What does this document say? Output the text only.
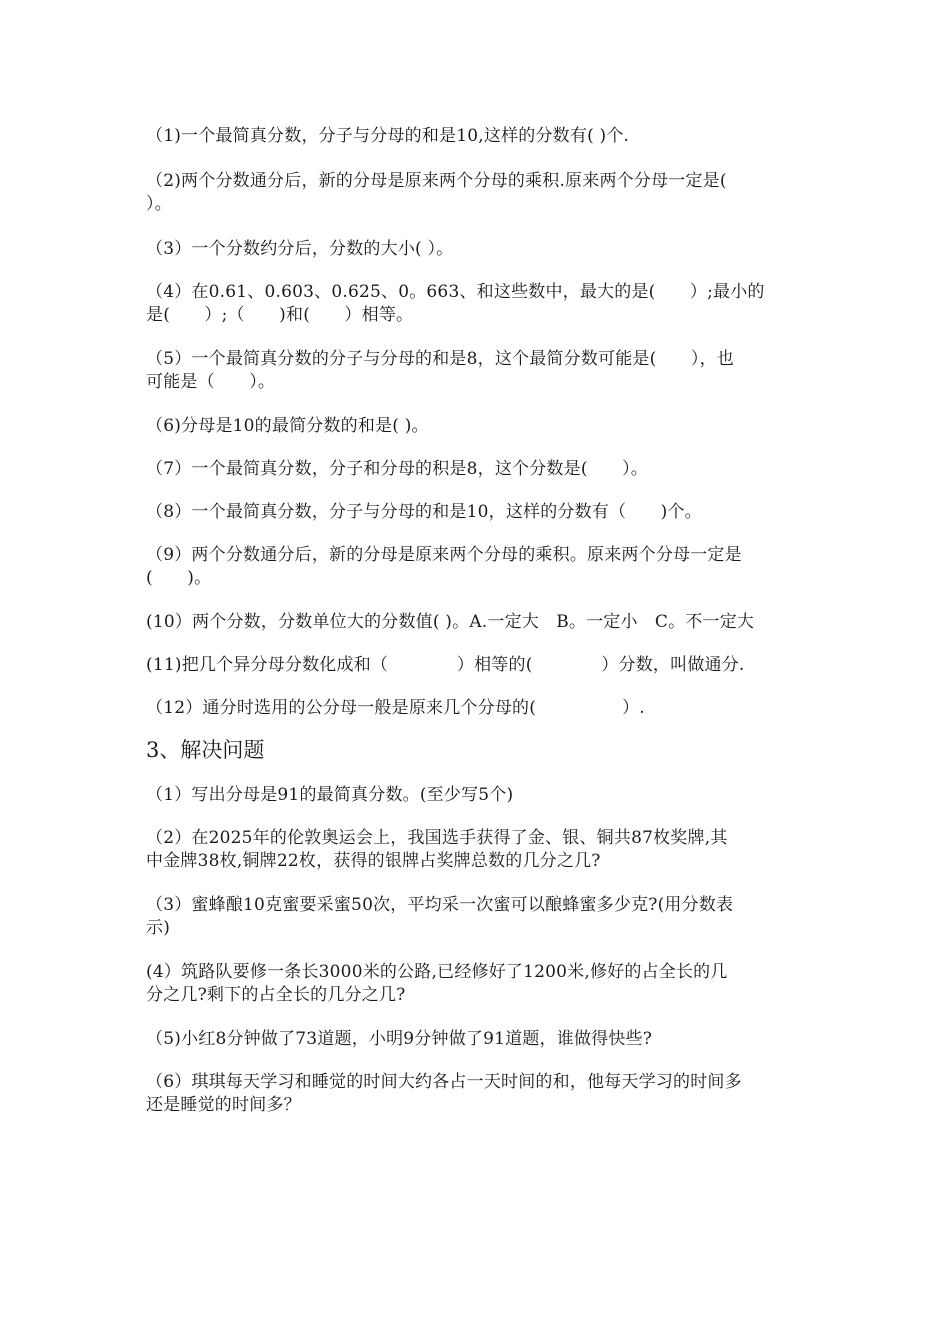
（1)一个最简真分数，分子与分母的和是10,这样的分数有( )个.
（2)两个分数通分后，新的分母是原来两个分母的乘积.原来两个分母一定是(
）。
（3）一个分数约分后，分数的大小( ）。
（4）在0.61、0.603、0.625、0。663、和这些数中，最大的是(　　）;最小的
是(　　）;（　　)和(　　）相等。
（5）一个最简真分数的分子与分母的和是8，这个最简分数可能是(　　），也
可能是（　　）。
（6)分母是10的最简分数的和是( )。
（7）一个最简真分数，分子和分母的积是8，这个分数是(　　）。
（8）一个最简真分数，分子与分母的和是10，这样的分数有（　　)个。
（9）两个分数通分后，新的分母是原来两个分母的乘积。原来两个分母一定是
(　　)。
(10）两个分数，分数单位大的分数值( )。A.一定大　B。一定小　C。不一定大
(11)把几个异分母分数化成和（　　　　）相等的(　　　　）分数，叫做通分.
（12）通分时选用的公分母一般是原来几个分母的(　　　　　）.
3、解决问题
（1）写出分母是91的最简真分数。(至少写5个)
（2）在2025年的伦敦奥运会上，我国选手获得了金、银、铜共87枚奖牌,其
中金牌38枚,铜牌22枚，获得的银牌占奖牌总数的几分之几?
（3）蜜蜂酿10克蜜要采蜜50次，平均采一次蜜可以酿蜂蜜多少克?(用分数表
示)
(4）筑路队要修一条长3000米的公路,已经修好了1200米,修好的占全长的几
分之几?剩下的占全长的几分之几?
（5)小红8分钟做了73道题，小明9分钟做了91道题，谁做得快些?
（6）琪琪每天学习和睡觉的时间大约各占一天时间的和，他每天学习的时间多
还是睡觉的时间多？
